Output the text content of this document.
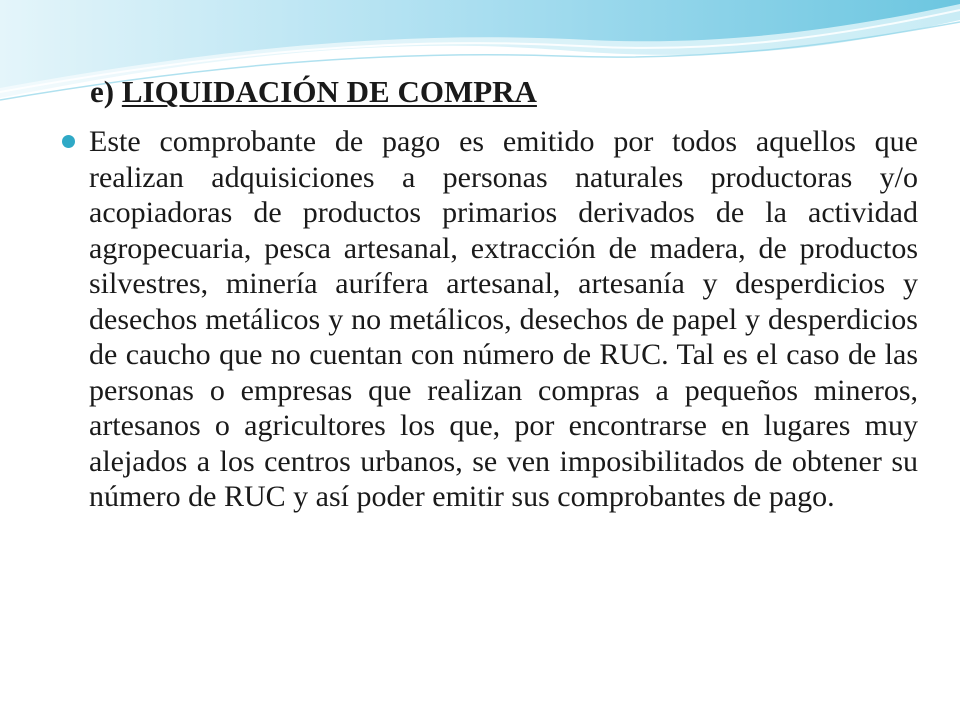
e) LIQUIDACIÓN DE COMPRA

Este comprobante de pago es emitido por todos aquellos que realizan adquisiciones a personas naturales productoras y/o acopiadoras de productos primarios derivados de la actividad agropecuaria, pesca artesanal, extracción de madera, de productos silvestres, minería aurífera artesanal, artesanía y desperdicios y desechos metálicos y no metálicos, desechos de papel y desperdicios de caucho que no cuentan con número de RUC. Tal es el caso de las personas o empresas que realizan compras a pequeños mineros, artesanos o agricultores los que, por encontrarse en lugares muy alejados a los centros urbanos, se ven imposibilitados de obtener su número de RUC y así poder emitir sus comprobantes de pago.
